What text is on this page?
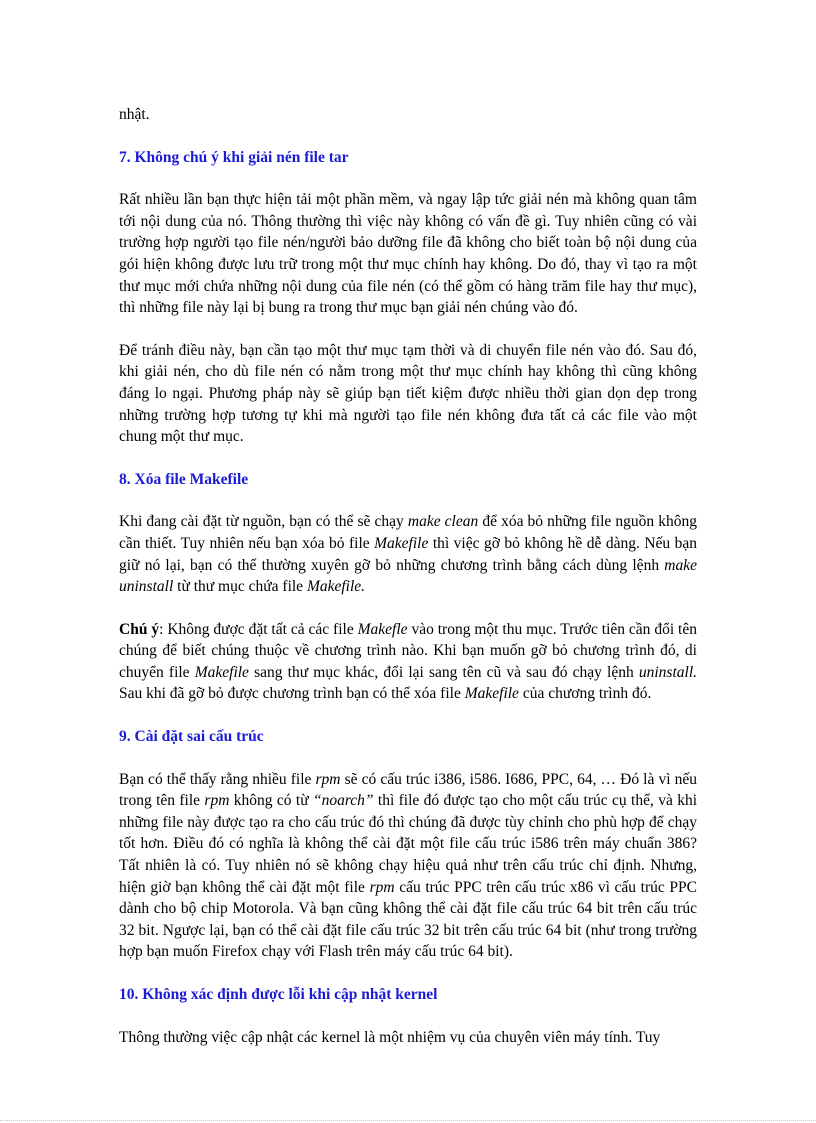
nhật.

7. Không chú ý khi giải nén file tar

Rất nhiều lần bạn thực hiện tải một phần mềm, và ngay lập tức giải nén mà không quan tâm tới nội dung của nó. Thông thường thì việc này không có vấn đề gì. Tuy nhiên cũng có vài trường hợp người tạo file nén/người bảo dưỡng file đã không cho biết toàn bộ nội dung của gói hiện không được lưu trữ trong một thư mục chính hay không. Do đó, thay vì tạo ra một thư mục mới chứa những nội dung của file nén (có thể gồm có hàng trăm file hay thư mục), thì những file này lại bị bung ra trong thư mục bạn giải nén chúng vào đó.

Để tránh điều này, bạn cần tạo một thư mục tạm thời và di chuyển file nén vào đó. Sau đó, khi giải nén, cho dù file nén có nằm trong một thư mục chính hay không thì cũng không đáng lo ngại. Phương pháp này sẽ giúp bạn tiết kiệm được nhiều thời gian dọn dẹp trong những trường hợp tương tự khi mà người tạo file nén không đưa tất cả các file vào một chung một thư mục.

8. Xóa file Makefile

Khi đang cài đặt từ nguồn, bạn có thể sẽ chạy make clean để xóa bỏ những file nguồn không cần thiết. Tuy nhiên nếu bạn xóa bỏ file Makefile thì việc gỡ bỏ không hề dễ dàng. Nếu bạn giữ nó lại, bạn có thể thường xuyên gỡ bỏ những chương trình bằng cách dùng lệnh make uninstall từ thư mục chứa file Makefile.

Chú ý: Không được đặt tất cả các file Makefle vào trong một thu mục. Trước tiên cần đổi tên chúng để biết chúng thuộc về chương trình nào. Khi bạn muốn gỡ bỏ chương trình đó, di chuyển file Makefile sang thư mục khác, đổi lại sang tên cũ và sau đó chạy lệnh uninstall. Sau khi đã gỡ bỏ được chương trình bạn có thể xóa file Makefile của chương trình đó.

9. Cài đặt sai cấu trúc

Bạn có thể thấy rằng nhiều file rpm sẽ có cấu trúc i386, i586. I686, PPC, 64, … Đó là vì nếu trong tên file rpm không có từ “noarch” thì file đó được tạo cho một cấu trúc cụ thể, và khi những file này được tạo ra cho cấu trúc đó thì chúng đã được tùy chỉnh cho phù hợp để chạy tốt hơn. Điều đó có nghĩa là không thể cài đặt một file cấu trúc i586 trên máy chuẩn 386? Tất nhiên là có. Tuy nhiên nó sẽ không chạy hiệu quả như trên cấu trúc chỉ định. Nhưng, hiện giờ bạn không thể cài đặt một file rpm cấu trúc PPC trên cấu trúc x86 vì cấu trúc PPC dành cho bộ chip Motorola. Và bạn cũng không thể cài đặt file cấu trúc 64 bit trên cấu trúc 32 bit. Ngược lại, bạn có thể cài đặt file cấu trúc 32 bit trên cấu trúc 64 bit (như trong trường hợp bạn muốn Firefox chạy với Flash trên máy cấu trúc 64 bit).

10. Không xác định được lỗi khi cập nhật kernel

Thông thường việc cập nhật các kernel là một nhiệm vụ của chuyên viên máy tính. Tuy
